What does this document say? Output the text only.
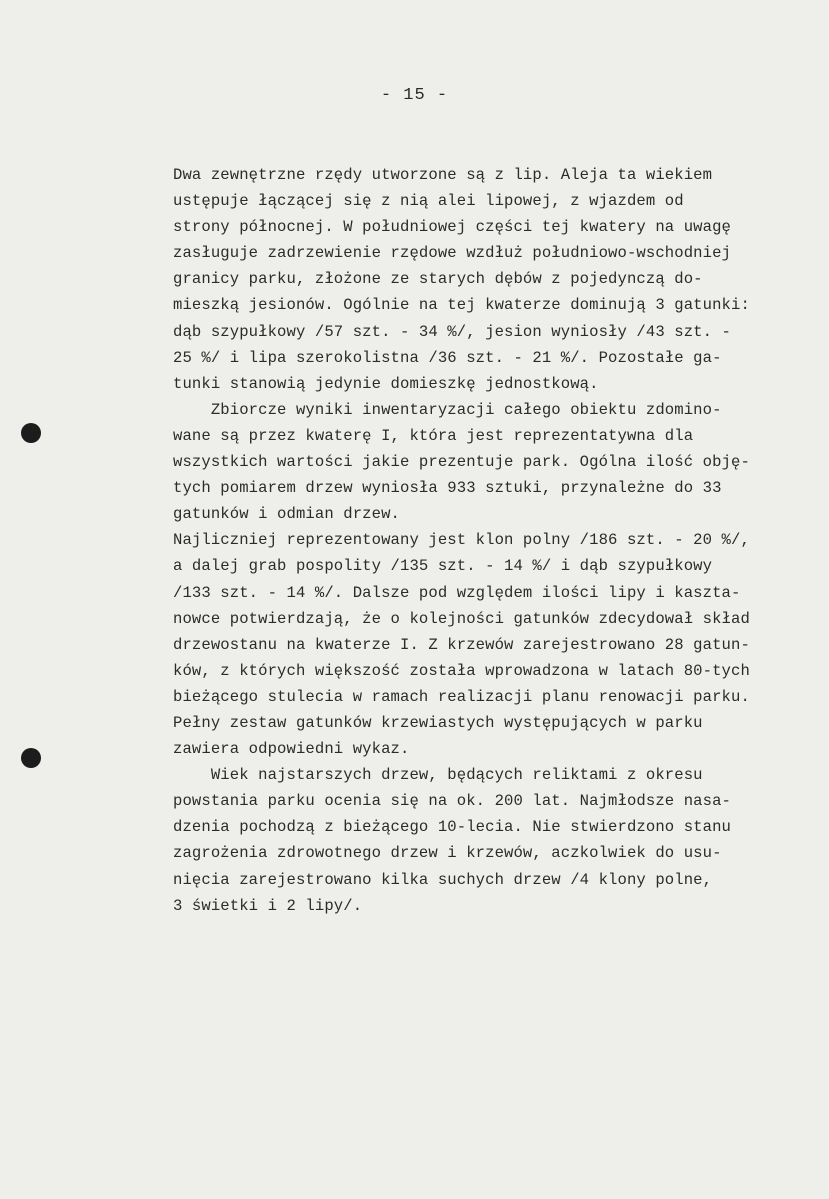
- 15 -
Dwa zewnętrzne rzędy utworzone są z lip. Aleja ta wiekiem
ustępuje łączącej się z nią alei lipowej, z wjazdem od
strony północnej. W południowej części tej kwatery na uwagę
zasługuje zadrzewienie rzędowe wzdłuż południowo-wschodniej
granicy parku, złożone ze starych dębów z pojedynczą do-
mieszką jesionów. Ogólnie na tej kwaterze dominują 3 gatunki:
dąb szypułkowy /57 szt. - 34 %/, jesion wyniosły /43 szt. -
25 %/ i lipa szerokolistna /36 szt. - 21 %/. Pozostałe ga-
tunki stanowią jedynie domieszkę jednostkową.
Zbiorcze wyniki inwentaryzacji całego obiektu zdomino-
wane są przez kwaterę I, która jest reprezentatywna dla
wszystkich wartości jakie prezentuje park. Ogólna ilość obję-
tych pomiarem drzew wyniosła 933 sztuki, przynależne do 33
gatunków i odmian drzew.
Najliczniej reprezentowany jest klon polny /186 szt. - 20 %/,
a dalej grab pospolity /135 szt. - 14 %/ i dąb szypułkowy
/133 szt. - 14 %/. Dalsze pod względem ilości lipy i kaszta-
nowce potwierdzają, że o kolejności gatunków zdecydował skład
drzewostanu na kwaterze I. Z krzewów zarejestrowano 28 gatun-
ków, z których większość została wprowadzona w latach 80-tych
bieżącego stulecia w ramach realizacji planu renowacji parku.
Pełny zestaw gatunków krzewiastych występujących w parku
zawiera odpowiedni wykaz.
Wiek najstarszych drzew, będących reliktami z okresu
powstania parku ocenia się na ok. 200 lat. Najmłodsze nasa-
dzenia pochodzą z bieżącego 10-lecia. Nie stwierdzono stanu
zagrożenia zdrowotnego drzew i krzewów, aczkolwiek do usu-
nięcia zarejestrowano kilka suchych drzew /4 klony polne,
3 świetki i 2 lipy/.
